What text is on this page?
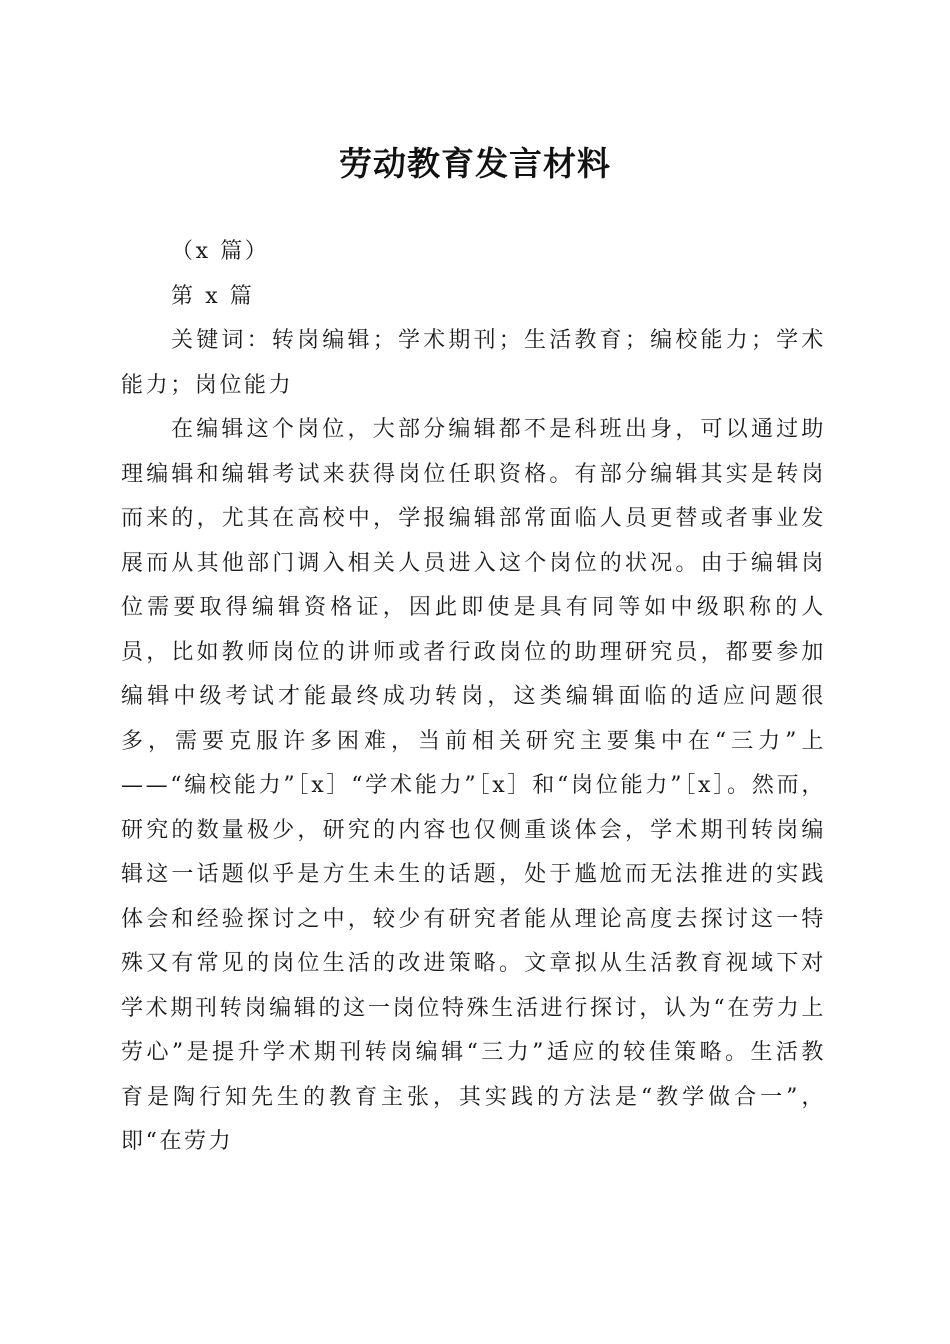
劳动教育发言材料

（x 篇）

第 x 篇

关键词：转岗编辑；学术期刊；生活教育；编校能力；学术能力；岗位能力

在编辑这个岗位，大部分编辑都不是科班出身，可以通过助理编辑和编辑考试来获得岗位任职资格。有部分编辑其实是转岗而来的，尤其在高校中，学报编辑部常面临人员更替或者事业发展而从其他部门调入相关人员进入这个岗位的状况。由于编辑岗位需要取得编辑资格证，因此即使是具有同等如中级职称的人员，比如教师岗位的讲师或者行政岗位的助理研究员，都要参加编辑中级考试才能最终成功转岗，这类编辑面临的适应问题很多，需要克服许多困难，当前相关研究主要集中在“三力”上——“编校能力”［x］“学术能力”［x］和“岗位能力”［x］。然而，研究的数量极少，研究的内容也仅侧重谈体会，学术期刊转岗编辑这一话题似乎是方生未生的话题，处于尴尬而无法推进的实践体会和经验探讨之中，较少有研究者能从理论高度去探讨这一特殊又有常见的岗位生活的改进策略。文章拟从生活教育视域下对学术期刊转岗编辑的这一岗位特殊生活进行探讨，认为“在劳力上劳心”是提升学术期刊转岗编辑“三力”适应的较佳策略。生活教育是陶行知先生的教育主张，其实践的方法是“教学做合一”，即“在劳力
